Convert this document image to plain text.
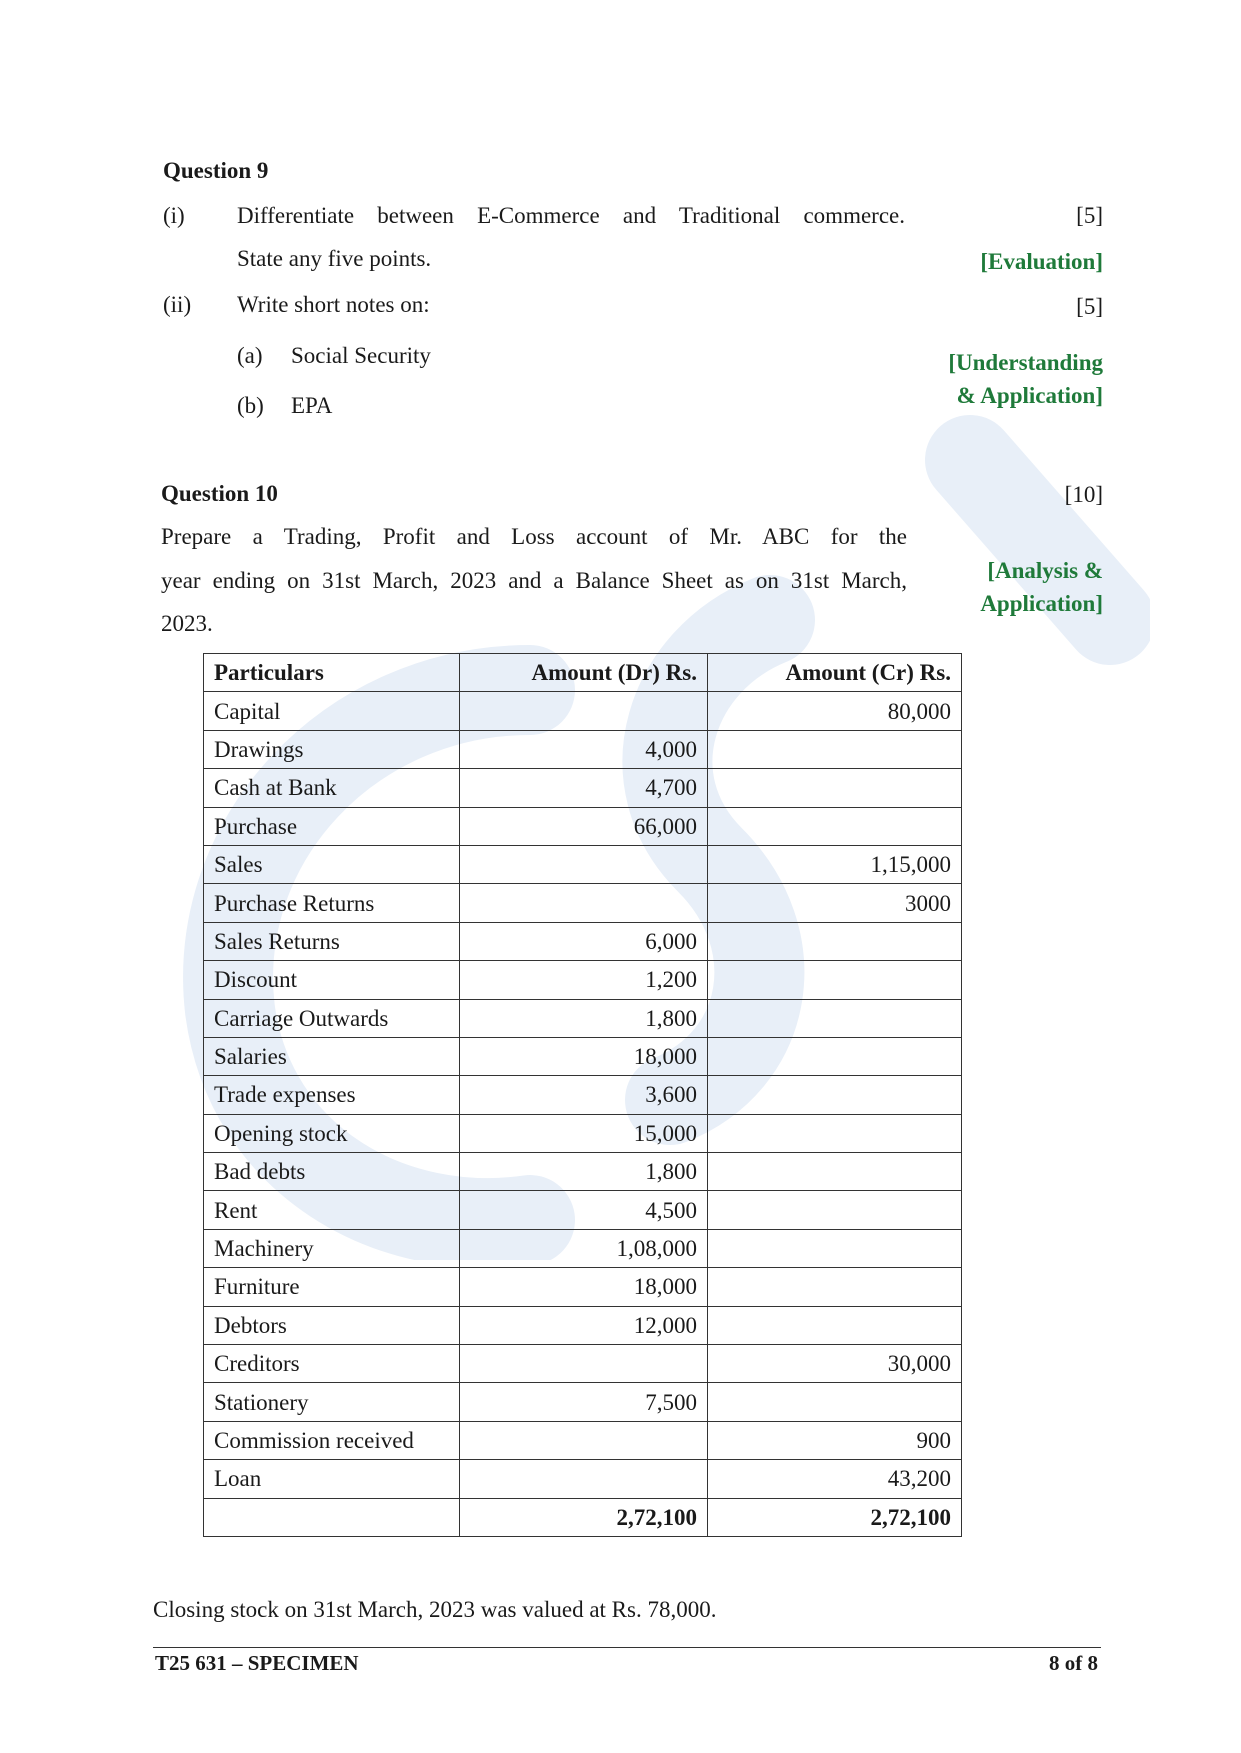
Question 9
(i) Differentiate between E-Commerce and Traditional commerce.
State any five points.
[5]
[Evaluation]
(ii) Write short notes on:	[5]
(a) Social Security
(b) EPA
[Understanding
& Application]
Question 10	[10]
Prepare a Trading, Profit and Loss account of Mr. ABC for the
year ending on 31st March, 2023 and a Balance Sheet as on 31st March,
2023.
[Analysis &
Application]
Particulars	Amount (Dr) Rs.	Amount (Cr) Rs.
Capital		80,000
Drawings	4,000	
Cash at Bank	4,700	
Purchase	66,000	
Sales		1,15,000
Purchase Returns		3000
Sales Returns	6,000	
Discount	1,200	
Carriage Outwards	1,800	
Salaries	18,000	
Trade expenses	3,600	
Opening stock	15,000	
Bad debts	1,800	
Rent	4,500	
Machinery	1,08,000	
Furniture	18,000	
Debtors	12,000	
Creditors		30,000
Stationery	7,500	
Commission received		900
Loan		43,200
	2,72,100	2,72,100
Closing stock on 31st March, 2023 was valued at Rs. 78,000.
T25 631 – SPECIMEN	8 of 8
